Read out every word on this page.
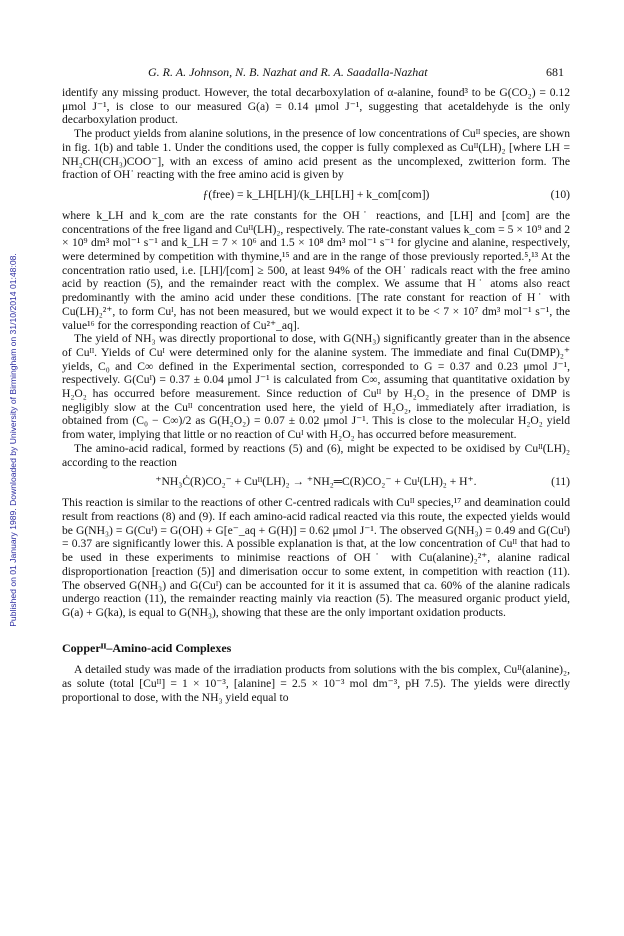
Published on 01 January 1989. Downloaded by University of Birmingham on 31/10/2014 01:48:08.
G. R. A. Johnson, N. B. Nazhat and R. A. Saadalla-Nazhat	681

identify any missing product. However, the total decarboxylation of α-alanine, found³ to be G(CO₂) = 0.12 μmol J⁻¹, is close to our measured G(a) = 0.14 μmol J⁻¹, suggesting that acetaldehyde is the only decarboxylation product.

The product yields from alanine solutions, in the presence of low concentrations of Cuᴵᴵ species, are shown in fig. 1(b) and table 1. Under the conditions used, the copper is fully complexed as Cuᴵᴵ(LH)₂ [where LH = NH₂CH(CH₃)COO⁻], with an excess of amino acid present as the uncomplexed, zwitterion form. The fraction of OH˙ reacting with the free amino acid is given by

ƒ(free) = k_LH[LH]/(k_LH[LH] + k_com[com])	(10)

where k_LH and k_com are the rate constants for the OH˙ reactions, and [LH] and [com] are the concentrations of the free ligand and Cuᴵᴵ(LH)₂, respectively. The rate-constant values k_com = 5 × 10⁹ and 2 × 10⁹ dm³ mol⁻¹ s⁻¹ and k_LH = 7 × 10⁶ and 1.5 × 10⁸ dm³ mol⁻¹ s⁻¹ for glycine and alanine, respectively, were determined by competition with thymine,¹⁵ and are in the range of those previously reported.⁵,¹³ At the concentration ratio used, i.e. [LH]/[com] ≥ 500, at least 94% of the OH˙ radicals react with the free amino acid by reaction (5), and the remainder react with the complex. We assume that H˙ atoms also react predominantly with the amino acid under these conditions. [The rate constant for reaction of H˙ with Cu(LH)₂²⁺, to form Cuᴵ, has not been measured, but we would expect it to be < 7 × 10⁷ dm³ mol⁻¹ s⁻¹, the value¹⁶ for the corresponding reaction of Cu²⁺_aq].

The yield of NH₃ was directly proportional to dose, with G(NH₃) significantly greater than in the absence of Cuᴵᴵ. Yields of Cuᴵ were determined only for the alanine system. The immediate and final Cu(DMP)₂⁺ yields, C₀ and C∞ defined in the Experimental section, corresponded to G = 0.37 and 0.23 μmol J⁻¹, respectively. G(Cuᴵ) = 0.37 ± 0.04 μmol J⁻¹ is calculated from C∞, assuming that quantitative oxidation by H₂O₂ has occurred before measurement. Since reduction of Cuᴵᴵ by H₂O₂ in the presence of DMP is negligibly slow at the Cuᴵᴵ concentration used here, the yield of H₂O₂, immediately after irradiation, is obtained from (C₀ − C∞)/2 as G(H₂O₂) = 0.07 ± 0.02 μmol J⁻¹. This is close to the molecular H₂O₂ yield from water, implying that little or no reaction of Cuᴵ with H₂O₂ has occurred before measurement.

The amino-acid radical, formed by reactions (5) and (6), might be expected to be oxidised by Cuᴵᴵ(LH)₂ according to the reaction

⁺NH₃Ċ(R)CO₂⁻ + Cuᴵᴵ(LH)₂ → ⁺NH₂═C(R)CO₂⁻ + Cuᴵ(LH)₂ + H⁺.	(11)

This reaction is similar to the reactions of other C-centred radicals with Cuᴵᴵ species,¹⁷ and deamination could result from reactions (8) and (9). If each amino-acid radical reacted via this route, the expected yields would be G(NH₃) = G(Cuᴵ) = G(OH) + G[e⁻_aq + G(H)] = 0.62 μmol J⁻¹. The observed G(NH₃) = 0.49 and G(Cuᴵ) = 0.37 are significantly lower this. A possible explanation is that, at the low concentration of Cuᴵᴵ that had to be used in these experiments to minimise reactions of OH˙ with Cu(alanine)₂²⁺, alanine radical disproportionation [reaction (5)] and dimerisation occur to some extent, in competition with reaction (11). The observed G(NH₃) and G(Cuᴵ) can be accounted for it it is assumed that ca. 60% of the alanine radicals undergo reaction (11), the remainder reacting mainly via reaction (5). The measured organic product yield, G(a) + G(ka), is equal to G(NH₃), showing that these are the only important oxidation products.

Copperᴵᴵ–Amino-acid Complexes

A detailed study was made of the irradiation products from solutions with the bis complex, Cuᴵᴵ(alanine)₂, as solute (total [Cuᴵᴵ] = 1 × 10⁻³, [alanine] = 2.5 × 10⁻³ mol dm⁻³, pH 7.5). The yields were directly proportional to dose, with the NH₃ yield equal to
